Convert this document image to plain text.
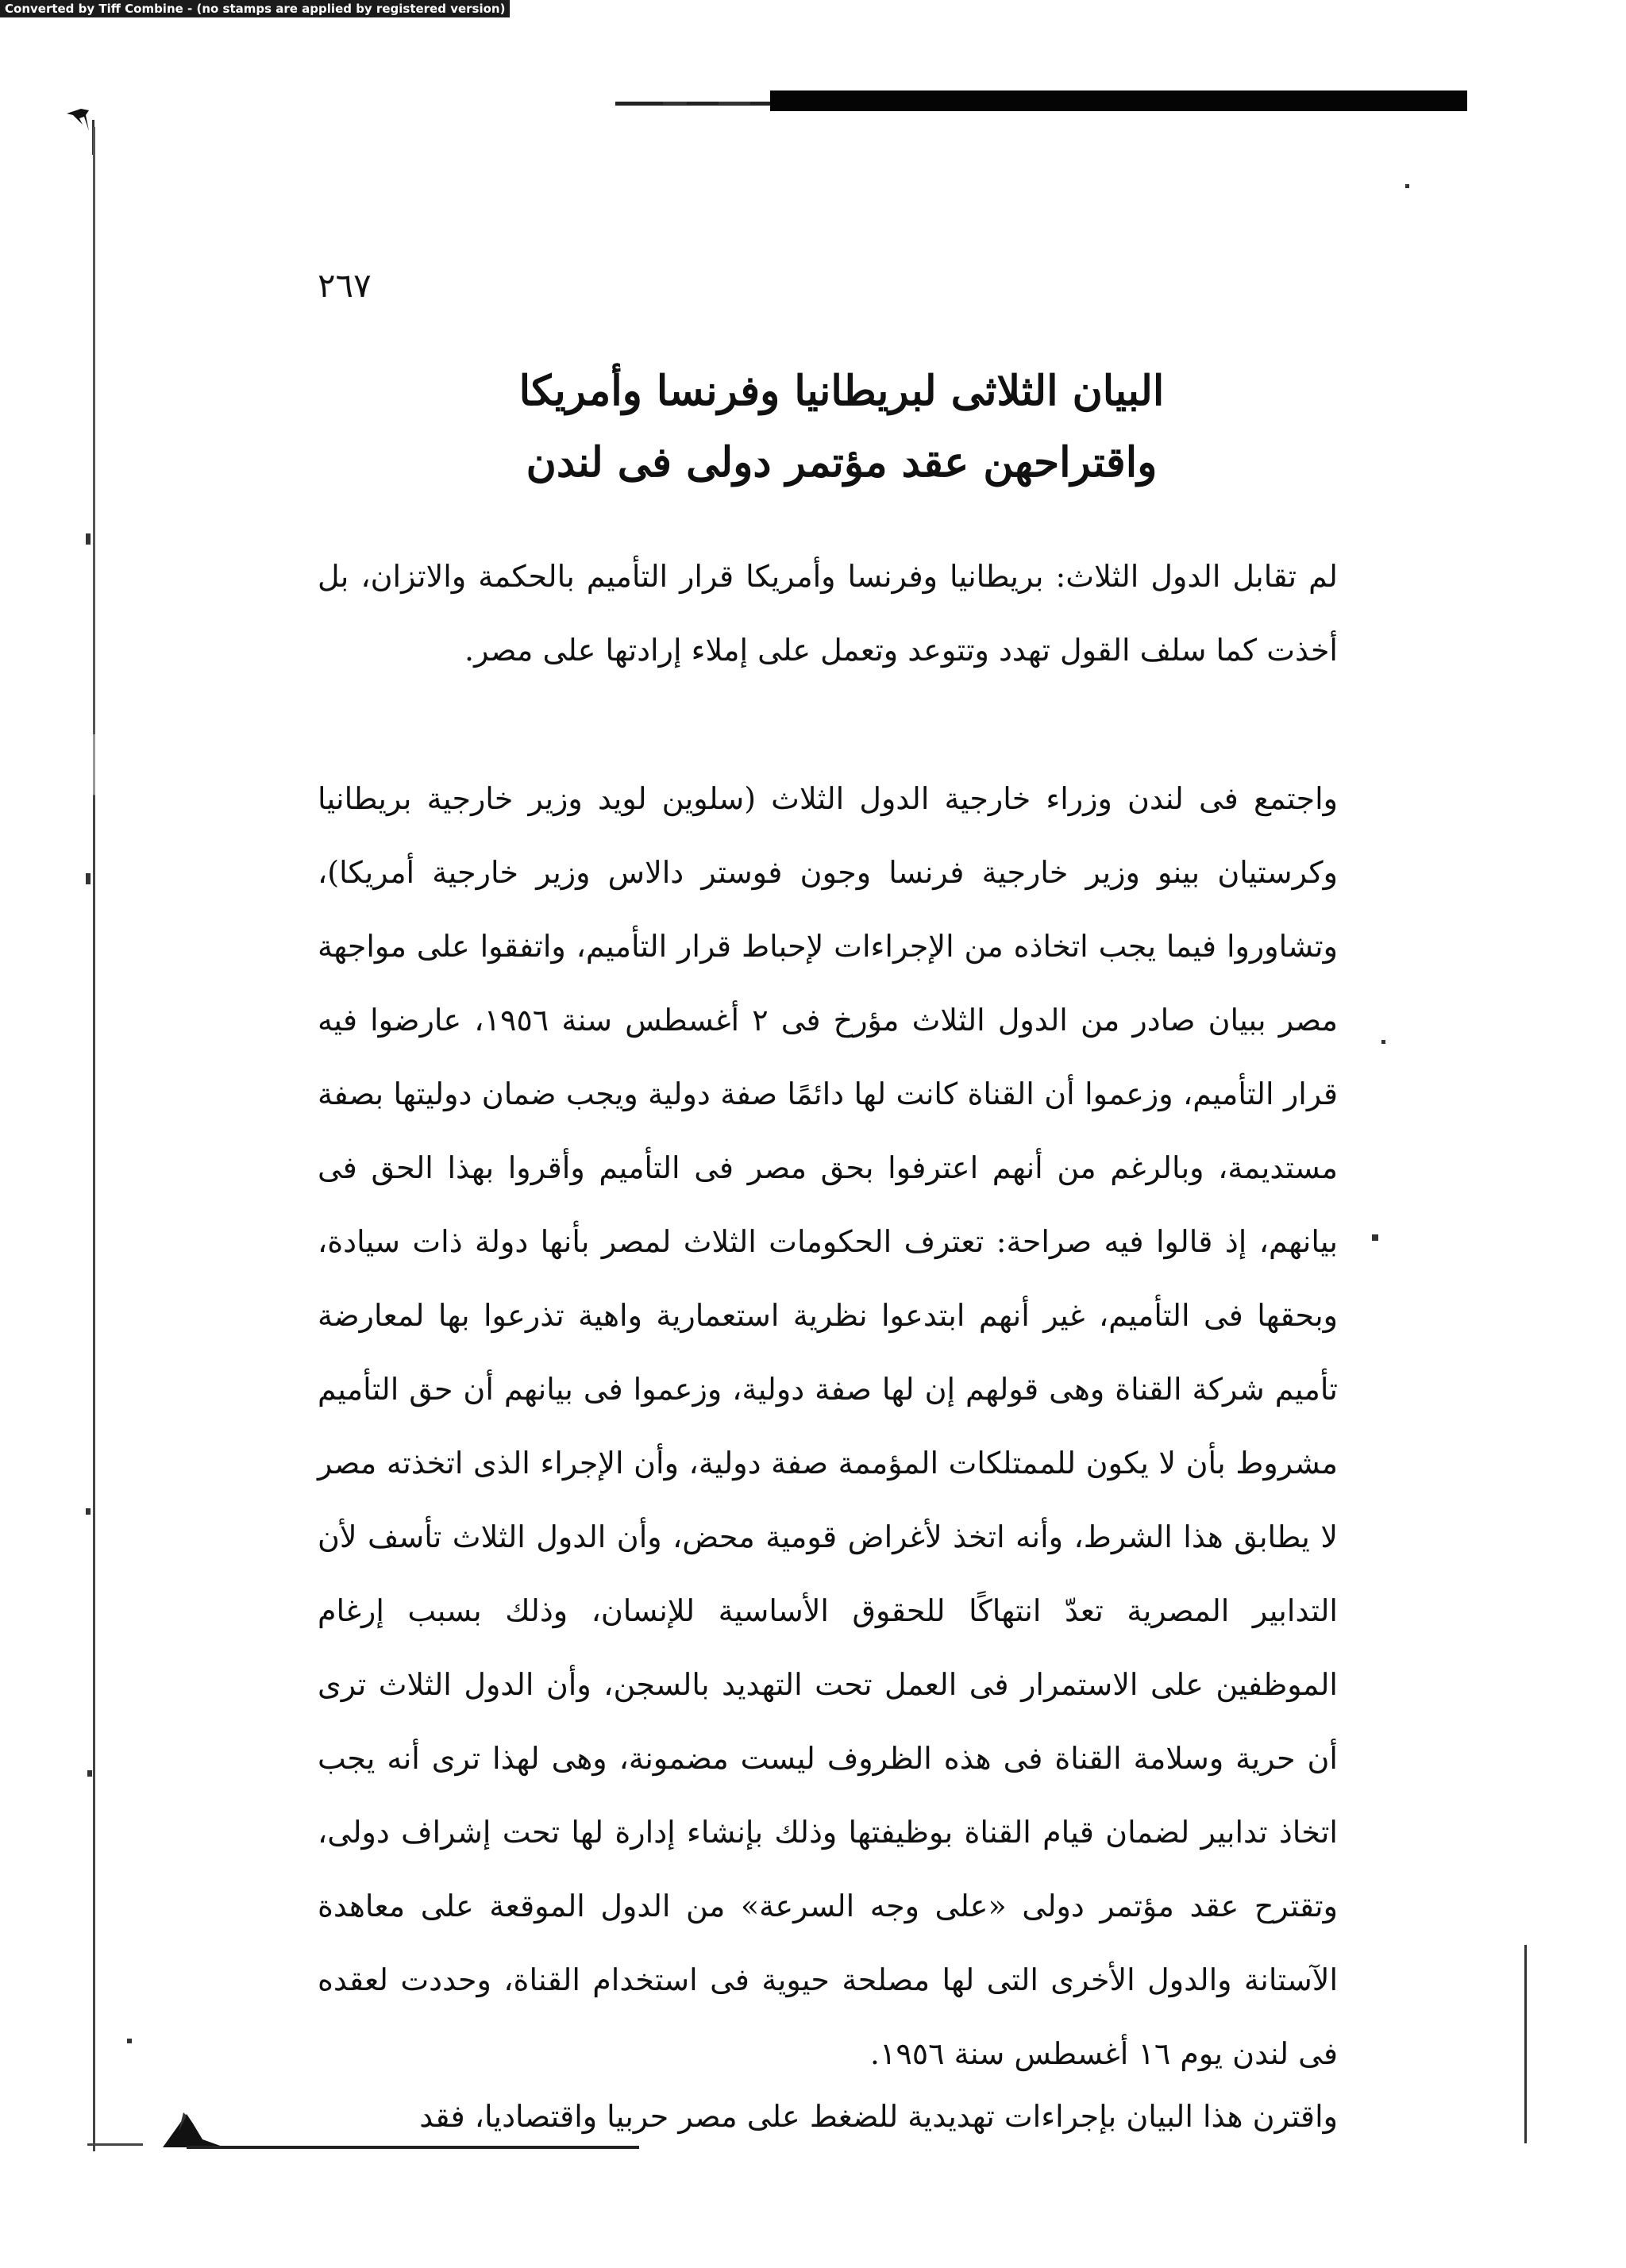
Converted by Tiff Combine - (no stamps are applied by registered version)
٢٦٧
البيان الثلاثى لبريطانيا وفرنسا وأمريكا
واقتراحهن عقد مؤتمر دولى فى لندن

لم تقابل الدول الثلاث: بريطانيا وفرنسا وأمريكا قرار التأميم بالحكمة والاتزان، بل أخذت كما سلف القول تهدد وتتوعد وتعمل على إملاء إرادتها على مصر.

واجتمع فى لندن وزراء خارجية الدول الثلاث (سلوين لويد وزير خارجية بريطانيا وكرستيان بينو وزير خارجية فرنسا وجون فوستر دالاس وزير خارجية أمريكا)، وتشاوروا فيما يجب اتخاذه من الإجراءات لإحباط قرار التأميم، واتفقوا على مواجهة مصر ببيان صادر من الدول الثلاث مؤرخ فى ٢ أغسطس سنة ١٩٥٦، عارضوا فيه قرار التأميم، وزعموا أن القناة كانت لها دائمًا صفة دولية ويجب ضمان دوليتها بصفة مستديمة، وبالرغم من أنهم اعترفوا بحق مصر فى التأميم وأقروا بهذا الحق فى بيانهم، إذ قالوا فيه صراحة: تعترف الحكومات الثلاث لمصر بأنها دولة ذات سيادة، وبحقها فى التأميم، غير أنهم ابتدعوا نظرية استعمارية واهية تذرعوا بها لمعارضة تأميم شركة القناة وهى قولهم إن لها صفة دولية، وزعموا فى بيانهم أن حق التأميم مشروط بأن لا يكون للممتلكات المؤممة صفة دولية، وأن الإجراء الذى اتخذته مصر لا يطابق هذا الشرط، وأنه اتخذ لأغراض قومية محض، وأن الدول الثلاث تأسف لأن التدابير المصرية تعدّ انتهاكًا للحقوق الأساسية للإنسان، وذلك بسبب إرغام الموظفين على الاستمرار فى العمل تحت التهديد بالسجن، وأن الدول الثلاث ترى أن حرية وسلامة القناة فى هذه الظروف ليست مضمونة، وهى لهذا ترى أنه يجب اتخاذ تدابير لضمان قيام القناة بوظيفتها وذلك بإنشاء إدارة لها تحت إشراف دولى، وتقترح عقد مؤتمر دولى «على وجه السرعة» من الدول الموقعة على معاهدة الآستانة والدول الأخرى التى لها مصلحة حيوية فى استخدام القناة، وحددت لعقده فى لندن يوم ١٦ أغسطس سنة ١٩٥٦.

واقترن هذا البيان بإجراءات تهديدية للضغط على مصر حربيا واقتصاديا، فقد
